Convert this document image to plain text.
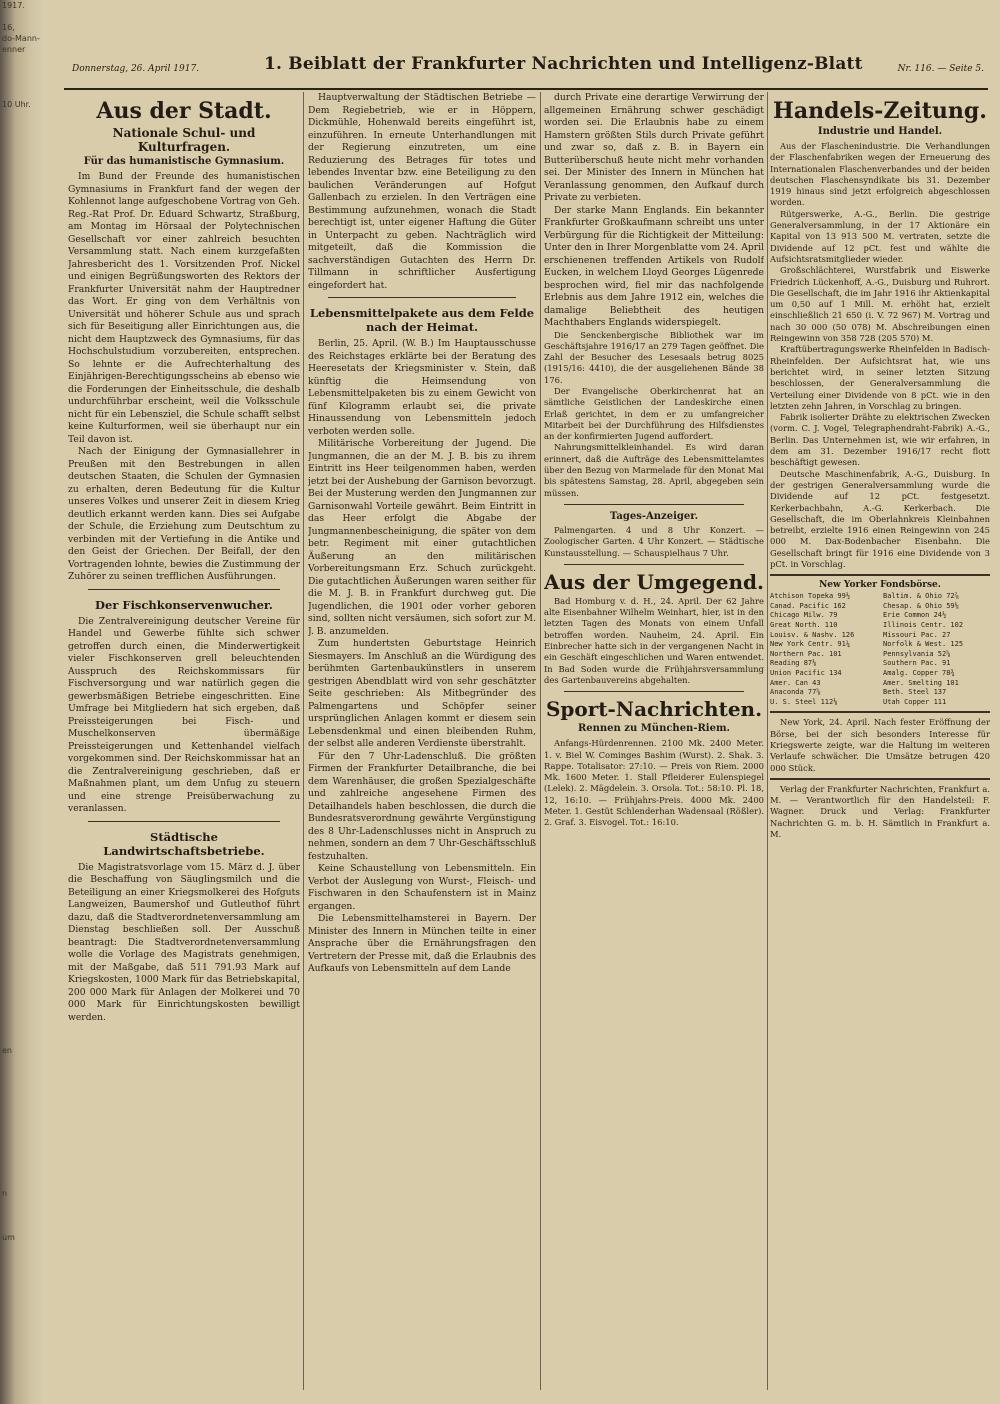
1917.

16,
do-Mann-
enner

10 Uhr.

en

n

um

Donnerstag, 26. April 1917.	1. Beiblatt der Frankfurter Nachrichten und Intelligenz-Blatt	Nr. 116. — Seite 5.
Aus der Stadt.
Nationale Schul- und Kulturfragen.
Für das humanistische Gymnasium.

Im Bund der Freunde des humanistischen Gymnasiums in Frankfurt fand der wegen der Kohlennot lange aufgeschobene Vortrag von Geh. Reg.-Rat Prof. Dr. Eduard Schwartz, Straßburg, am Montag im Hörsaal der Polytechnischen Gesellschaft vor einer zahlreich besuchten Versammlung statt. Nach einem kurzgefaßten Jahresbericht des 1. Vorsitzenden Prof. Nickel und einigen Begrüßungsworten des Rektors der Frankfurter Universität nahm der Hauptredner das Wort. Er ging von dem Verhältnis von Universität und höherer Schule aus und sprach sich für Beseitigung aller Einrichtungen aus, die nicht dem Hauptzweck des Gymnasiums, für das Hochschulstudium vorzubereiten, entsprechen. So lehnte er die Aufrechterhaltung des Einjährigen-Berechtigungsscheins ab ebenso wie die Forderungen der Einheitsschule, die deshalb undurchführbar erscheint, weil die Volksschule nicht für ein Lebensziel, die Schule schafft selbst keine Kulturformen, weil sie überhaupt nur ein Teil davon ist.

Nach der Einigung der Gymnasiallehrer in Preußen mit den Bestrebungen in allen deutschen Staaten, die Schulen der Gymnasien zu erhalten, deren Bedeutung für die Kultur unseres Volkes und unserer Zeit in diesem Krieg deutlich erkannt werden kann. Dies sei Aufgabe der Schule, die Erziehung zum Deutschtum zu verbinden mit der Vertiefung in die Antike und den Geist der Griechen. Der Beifall, der den Vortragenden lohnte, bewies die Zustimmung der Zuhörer zu seinen trefflichen Ausführungen.

Der Fischkonservenwucher.

Die Zentralvereinigung deutscher Vereine für Handel und Gewerbe fühlte sich schwer getroffen durch einen, die Minderwertigkeit vieler Fischkonserven grell beleuchtenden Ausspruch des Reichskommissars für Fischversorgung und war natürlich gegen die gewerbsmäßigen Betriebe eingeschritten. Eine Umfrage bei Mitgliedern hat sich ergeben, daß Preissteigerungen bei Fisch- und Muschelkonserven übermäßige Preissteigerungen und Kettenhandel vielfach vorgekommen sind. Der Reichskommissar hat an die Zentralvereinigung geschrieben, daß er Maßnahmen plant, um dem Unfug zu steuern und eine strenge Preisüberwachung zu veranlassen.

Städtische Landwirtschaftsbetriebe.

Die Magistratsvorlage vom 15. März d. J. über die Beschaffung von Säuglingsmilch und die Beteiligung an einer Kriegsmolkerei des Hofguts Langweizen, Baumershof und Gutleuthof führt dazu, daß die Stadtverordnetenversammlung am Dienstag beschließen soll. Der Ausschuß beantragt: Die Stadtverordnetenversammlung wolle die Vorlage des Magistrats genehmigen, mit der Maßgabe, daß 511 791.93 Mark auf Kriegskosten, 1000 Mark für das Betriebskapital, 200 000 Mark für Anlagen der Molkerei und 70 000 Mark für Einrichtungskosten bewilligt werden.

Hauptverwaltung der Städtischen Betriebe — Dem Regiebetrieb, wie er in Höppern, Dickmühle, Hohenwald bereits eingeführt ist, einzuführen. In erneute Unterhandlungen mit der Regierung einzutreten, um eine Reduzierung des Betrages für totes und lebendes Inventar bzw. eine Beteiligung zu den baulichen Veränderungen auf Hofgut Gallenbach zu erzielen. In den Verträgen eine Bestimmung aufzunehmen, wonach die Stadt berechtigt ist, unter eigener Haftung die Güter in Unterpacht zu geben. Nachträglich wird mitgeteilt, daß die Kommission die sachverständigen Gutachten des Herrn Dr. Tillmann in schriftlicher Ausfertigung eingefordert hat.

Lebensmittelpakete aus dem Felde nach der Heimat.

Berlin, 25. April. (W. B.) Im Hauptausschusse des Reichstages erklärte bei der Beratung des Heeresetats der Kriegsminister v. Stein, daß künftig die Heimsendung von Lebensmittelpaketen bis zu einem Gewicht von fünf Kilogramm erlaubt sei, die private Hinaussendung von Lebensmitteln jedoch verboten werden solle.

Militärische Vorbereitung der Jugend. Die Jungmannen, die an der M. J. B. bis zu ihrem Eintritt ins Heer teilgenommen haben, werden jetzt bei der Aushebung der Garnison bevorzugt. Bei der Musterung werden den Jungmannen zur Garnisonwahl Vorteile gewährt. Beim Eintritt in das Heer erfolgt die Abgabe der Jungmannenbescheinigung, die später von dem betr. Regiment mit einer gutachtlichen Äußerung an den militärischen Vorbereitungsmann Erz. Schuch zurückgeht. Die gutachtlichen Äußerungen waren seither für die M. J. B. in Frankfurt durchweg gut. Die Jugendlichen, die 1901 oder vorher geboren sind, sollten nicht versäumen, sich sofort zur M. J. B. anzumelden.

Zum hundertsten Geburtstage Heinrich Siesmayers. Im Anschluß an die Würdigung des berühmten Gartenbaukünstlers in unserem gestrigen Abendblatt wird von sehr geschätzter Seite geschrieben: Als Mitbegründer des Palmengartens und Schöpfer seiner ursprünglichen Anlagen kommt er diesem sein Lebensdenkmal und einen bleibenden Ruhm, der selbst alle anderen Verdienste überstrahlt.

Für den 7 Uhr-Ladenschluß. Die größten Firmen der Frankfurter Detailbranche, die bei dem Warenhäuser, die großen Spezialgeschäfte und zahlreiche angesehene Firmen des Detailhandels haben beschlossen, die durch die Bundesratsverordnung gewährte Vergünstigung des 8 Uhr-Ladenschlusses nicht in Anspruch zu nehmen, sondern an dem 7 Uhr-Geschäftsschluß festzuhalten.

Keine Schaustellung von Lebensmitteln. Ein Verbot der Auslegung von Wurst-, Fleisch- und Fischwaren in den Schaufenstern ist in Mainz ergangen.

Die Lebensmittelhamsterei in Bayern. Der Minister des Innern in München teilte in einer Ansprache über die Ernährungsfragen den Vertretern der Presse mit, daß die Erlaubnis des Aufkaufs von Lebensmitteln auf dem Lande

durch Private eine derartige Verwirrung der allgemeinen Ernährung schwer geschädigt worden sei. Die Erlaubnis habe zu einem Hamstern größten Stils durch Private geführt und zwar so, daß z. B. in Bayern ein Butterüberschuß heute nicht mehr vorhanden sei. Der Minister des Innern in München hat Veranlassung genommen, den Aufkauf durch Private zu verbieten.

Der starke Mann Englands. Ein bekannter Frankfurter Großkaufmann schreibt uns unter Verbürgung für die Richtigkeit der Mitteilung: Unter den in Ihrer Morgenblatte vom 24. April erschienenen treffenden Artikels von Rudolf Eucken, in welchem Lloyd Georges Lügenrede besprochen wird, fiel mir das nachfolgende Erlebnis aus dem Jahre 1912 ein, welches die damalige Beliebtheit des heutigen Machthabers Englands widerspiegelt.

Die Senckenbergische Bibliothek war im Geschäftsjahre 1916/17 an 279 Tagen geöffnet. Die Zahl der Besucher des Lesesaals betrug 8025 (1915/16: 4410), die der ausgeliehenen Bände 38 176.

Der Evangelische Oberkirchenrat hat an sämtliche Geistlichen der Landeskirche einen Erlaß gerichtet, in dem er zu umfangreicher Mitarbeit bei der Durchführung des Hilfsdienstes an der konfirmierten Jugend auffordert.

Nahrungsmittelkleinhandel. Es wird daran erinnert, daß die Aufträge des Lebensmittelamtes über den Bezug von Marmelade für den Monat Mai bis spätestens Samstag, 28. April, abgegeben sein müssen.

Tages-Anzeiger.

Palmengarten. 4 und 8 Uhr Konzert. — Zoologischer Garten. 4 Uhr Konzert. — Städtische Kunstausstellung. — Schauspielhaus 7 Uhr.

Aus der Umgegend.

Bad Homburg v. d. H., 24. April. Der 62 Jahre alte Eisenbahner Wilhelm Weinhart, hier, ist in den letzten Tagen des Monats von einem Unfall betroffen worden. Nauheim, 24. April. Ein Einbrecher hatte sich in der vergangenen Nacht in ein Geschäft eingeschlichen und Waren entwendet. In Bad Soden wurde die Frühjahrsversammlung des Gartenbauvereins abgehalten.

Sport-Nachrichten.
Rennen zu München-Riem.

Anfangs-Hürdenrennen. 2100 Mk. 2400 Meter. 1. v. Biel W. Cominges Bashim (Wurst). 2. Shak. 3. Rappe. Totalisator: 27:10. — Preis von Riem. 2000 Mk. 1600 Meter. 1. Stall Pfleiderer Eulenspiegel (Lelek). 2. Mägdelein. 3. Orsola. Tot.: 58:10. Pl. 18, 12, 16:10. — Frühjahrs-Preis. 4000 Mk. 2400 Meter. 1. Gestüt Schlenderhan Wadensaal (Rößler). 2. Graf. 3. Eisvogel. Tot.: 16:10.

Handels-Zeitung.
Industrie und Handel.

Aus der Flaschenindustrie. Die Verhandlungen der Flaschenfabriken wegen der Erneuerung des Internationalen Flaschenverbandes und der beiden deutschen Flaschensyndikate bis 31. Dezember 1919 hinaus sind jetzt erfolgreich abgeschlossen worden.

Rütgerswerke, A.-G., Berlin. Die gestrige Generalversammlung, in der 17 Aktionäre ein Kapital von 13 913 500 M. vertraten, setzte die Dividende auf 12 pCt. fest und wählte die Aufsichtsratsmitglieder wieder.

Großschlächterei, Wurstfabrik und Eiswerke Friedrich Lückenhoff, A.-G., Duisburg und Ruhrort. Die Gesellschaft, die im Jahr 1916 ihr Aktienkapital um 0,50 auf 1 Mill. M. erhöht hat, erzielt einschließlich 21 650 (i. V. 72 967) M. Vortrag und nach 30 000 (50 078) M. Abschreibungen einen Reingewinn von 358 728 (205 570) M.

Kraftübertragungswerke Rheinfelden in Badisch-Rheinfelden. Der Aufsichtsrat hat, wie uns berichtet wird, in seiner letzten Sitzung beschlossen, der Generalversammlung die Verteilung einer Dividende von 8 pCt. wie in den letzten zehn Jahren, in Vorschlag zu bringen.

Fabrik isolierter Drähte zu elektrischen Zwecken (vorm. C. J. Vogel, Telegraphendraht-Fabrik) A.-G., Berlin. Das Unternehmen ist, wie wir erfahren, in dem am 31. Dezember 1916/17 recht flott beschäftigt gewesen.

Deutsche Maschinenfabrik, A.-G., Duisburg. In der gestrigen Generalversammlung wurde die Dividende auf 12 pCt. festgesetzt. Kerkerbachbahn, A.-G. Kerkerbach. Die Gesellschaft, die im Oberlahnkreis Kleinbahnen betreibt, erzielte 1916 einen Reingewinn von 245 000 M. Dax-Bodenbacher Eisenbahn. Die Gesellschaft bringt für 1916 eine Dividende von 3 pCt. in Vorschlag.

New Yorker Fondsbörse.
Atchison Topeka 99½	Baltim. & Ohio 72⅞
Canad. Pacific 162	Chesap. & Ohio 59⅛
Chicago Milw. 79	Erie Common 24½
Great North. 110	Illinois Centr. 102
Louisv. & Nashv. 126	Missouri Pac. 27
New York Centr. 91¼	Norfolk & West. 125
Northern Pac. 101	Pennsylvania 52⅝
Reading 87⅛	Southern Pac. 91
Union Pacific 134	Amalg. Copper 78¾
Amer. Can 43	Amer. Smelting 101
Anaconda 77⅝	Beth. Steel 137
U. S. Steel 112⅛	Utah Copper 111

New York, 24. April. Nach fester Eröffnung der Börse, bei der sich besonders Interesse für Kriegswerte zeigte, war die Haltung im weiteren Verlaufe schwächer. Die Umsätze betrugen 420 000 Stück.

Verlag der Frankfurter Nachrichten, Frankfurt a. M. — Verantwortlich für den Handelsteil: F. Wagner. Druck und Verlag: Frankfurter Nachrichten G. m. b. H. Sämtlich in Frankfurt a. M.
